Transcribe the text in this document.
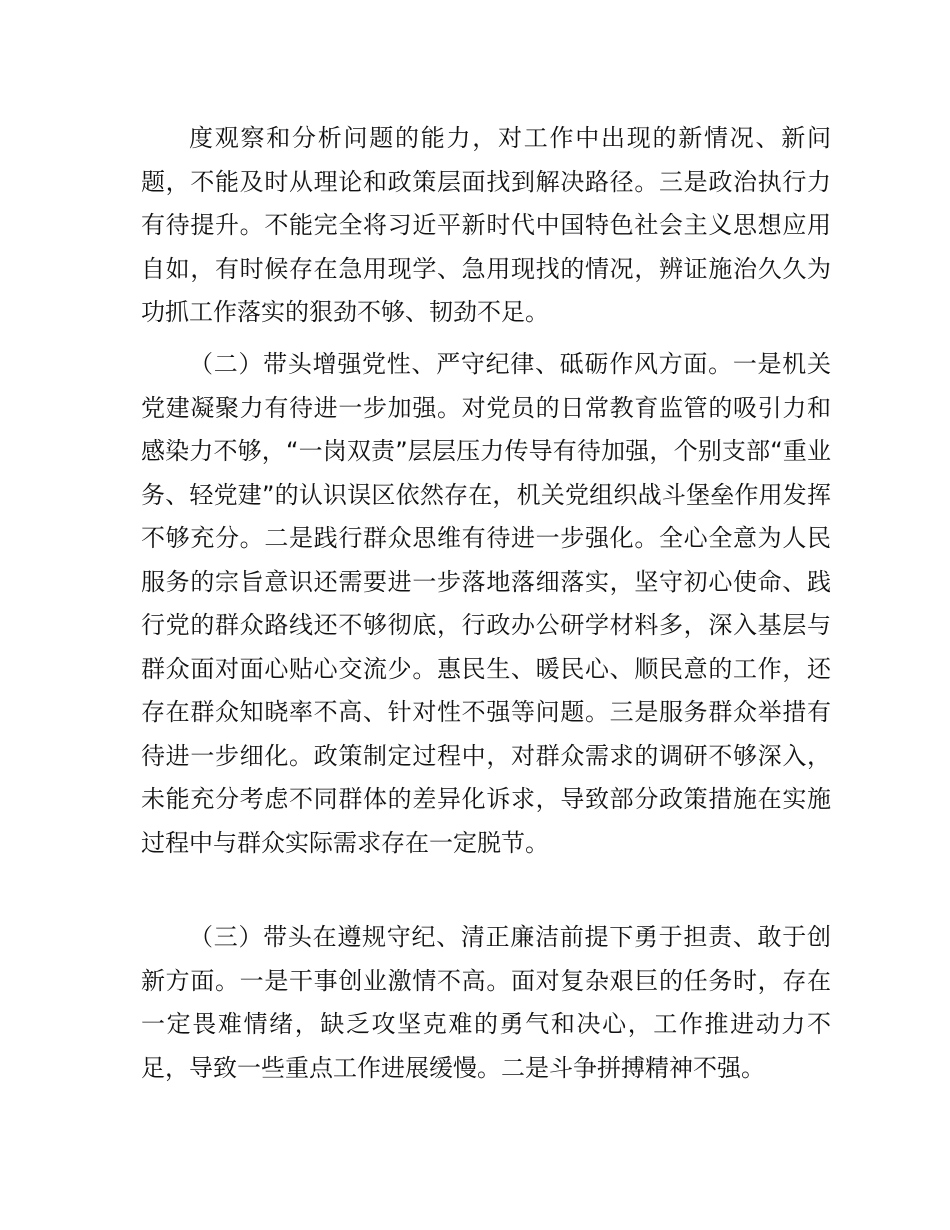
度观察和分析问题的能力，对工作中出现的新情况、新问题，不能及时从理论和政策层面找到解决路径。三是政治执行力有待提升。不能完全将习近平新时代中国特色社会主义思想应用自如，有时候存在急用现学、急用现找的情况，辨证施治久久为功抓工作落实的狠劲不够、韧劲不足。

（二）带头增强党性、严守纪律、砥砺作风方面。一是机关党建凝聚力有待进一步加强。对党员的日常教育监管的吸引力和感染力不够，“一岗双责”层层压力传导有待加强，个别支部“重业务、轻党建”的认识误区依然存在，机关党组织战斗堡垒作用发挥不够充分。二是践行群众思维有待进一步强化。全心全意为人民服务的宗旨意识还需要进一步落地落细落实，坚守初心使命、践行党的群众路线还不够彻底，行政办公研学材料多，深入基层与群众面对面心贴心交流少。惠民生、暖民心、顺民意的工作，还存在群众知晓率不高、针对性不强等问题。三是服务群众举措有待进一步细化。政策制定过程中，对群众需求的调研不够深入，未能充分考虑不同群体的差异化诉求，导致部分政策措施在实施过程中与群众实际需求存在一定脱节。

（三）带头在遵规守纪、清正廉洁前提下勇于担责、敢于创新方面。一是干事创业激情不高。面对复杂艰巨的任务时，存在一定畏难情绪，缺乏攻坚克难的勇气和决心，工作推进动力不足，导致一些重点工作进展缓慢。二是斗争拼搏精神不强。
